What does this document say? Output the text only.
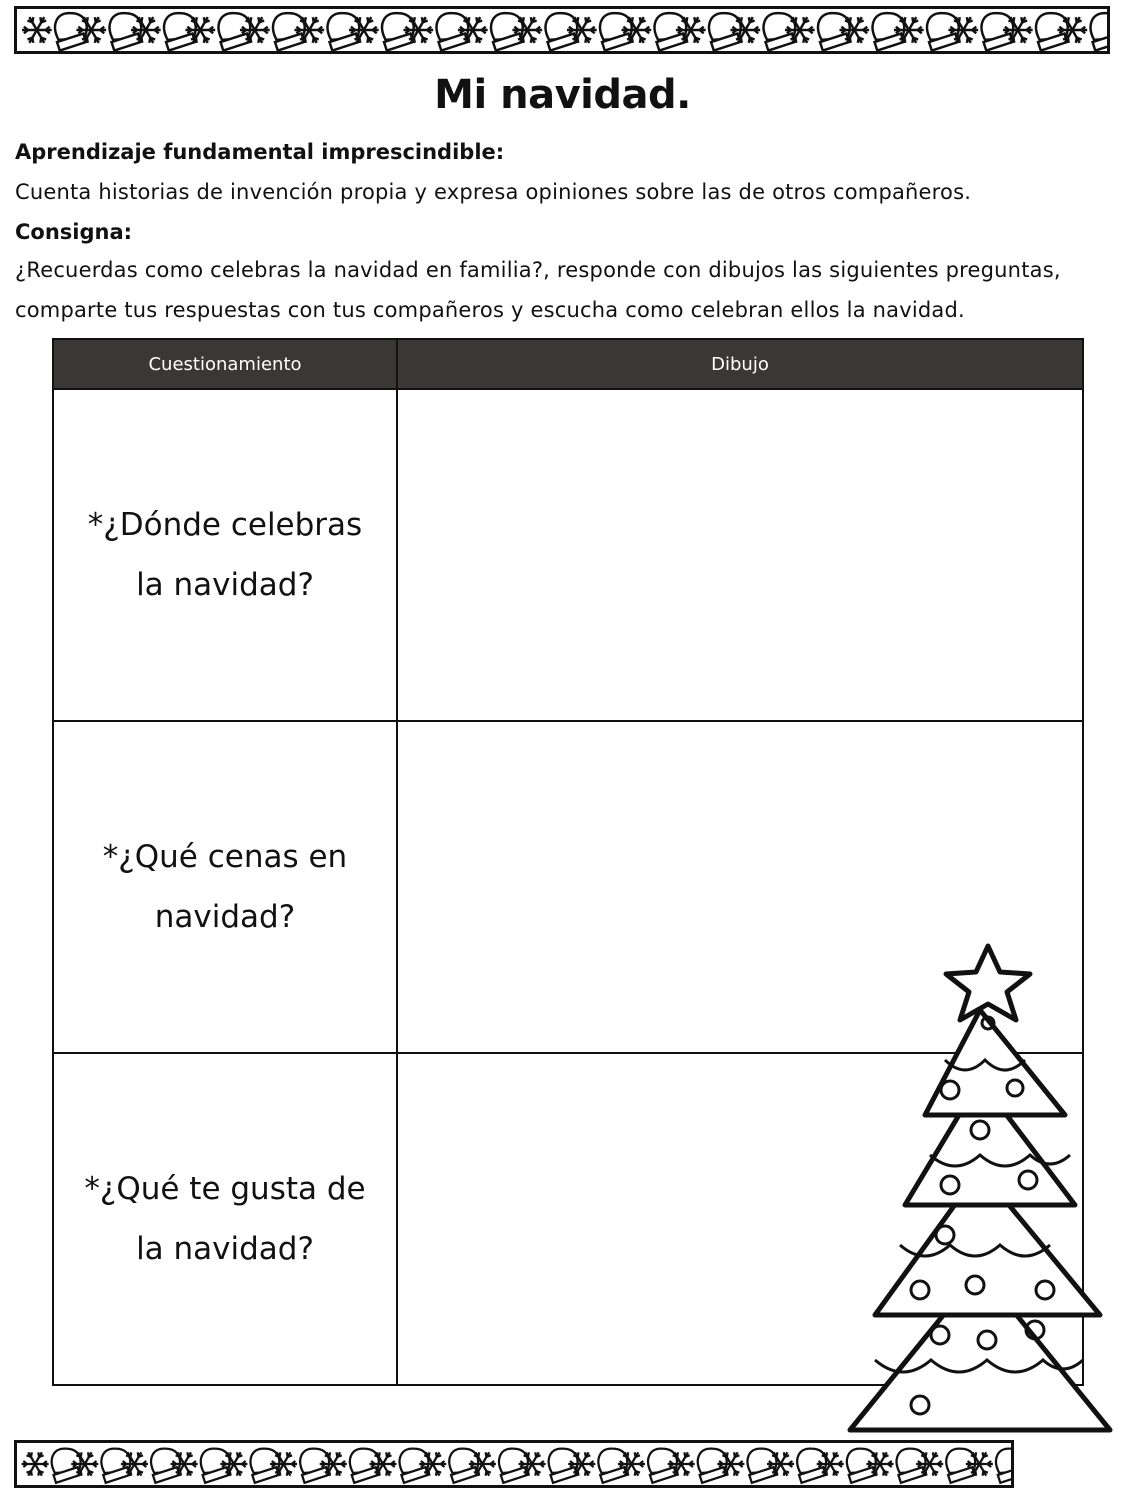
Mi navidad.

Aprendizaje fundamental imprescindible:

Cuenta historias de invención propia y expresa opiniones sobre las de otros compañeros.

Consigna:

¿Recuerdas como celebras la navidad en familia?, responde con dibujos las siguientes preguntas,

comparte tus respuestas con tus compañeros y escucha como celebran ellos la navidad.

Cuestionamiento	Dibujo
*¿Dónde celebras la navidad?	
*¿Qué cenas en navidad?	
*¿Qué te gusta de la navidad?	
